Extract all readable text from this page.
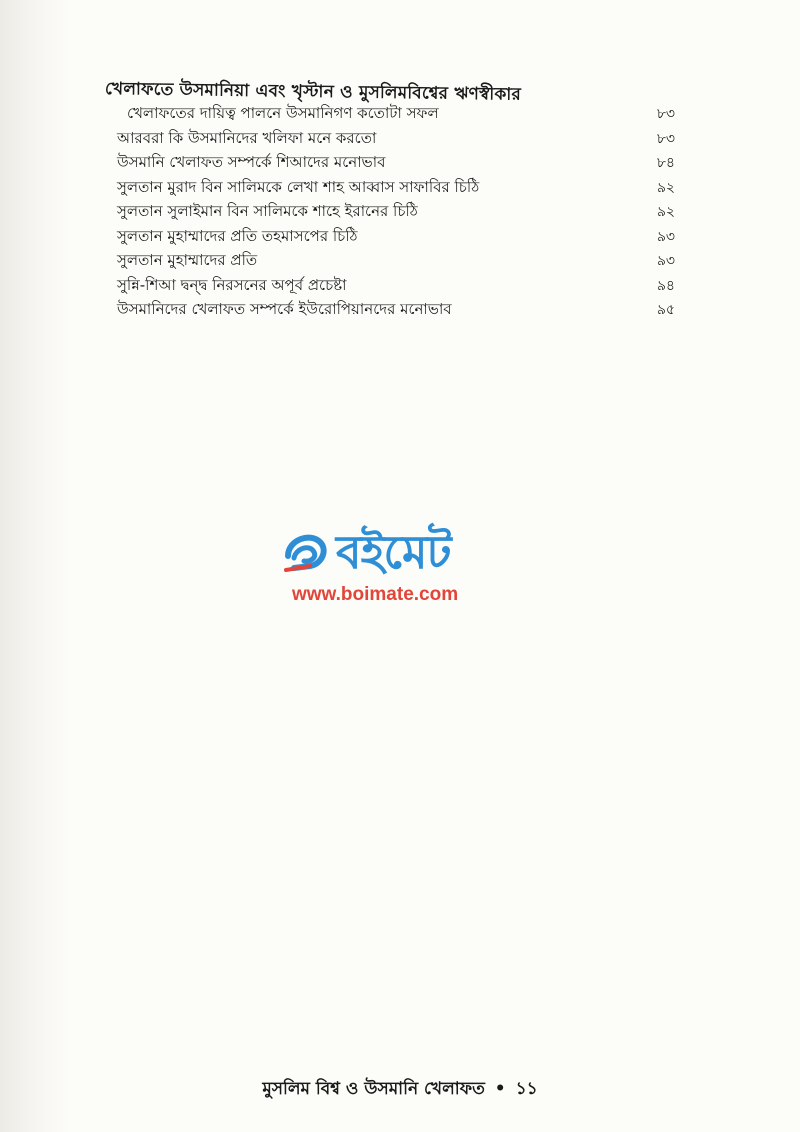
খেলাফতে উসমানিয়া এবং খৃস্টান ও মুসলিমবিশ্বের ঋণস্বীকার
খেলাফতের দায়িত্ব পালনে উসমানিগণ কতোটা সফল	৮৩
আরবরা কি উসমানিদের খলিফা মনে করতো	৮৩
উসমানি খেলাফত সম্পর্কে শিআদের মনোভাব	৮৪
সুলতান মুরাদ বিন সালিমকে লেখা শাহ আব্বাস সাফাবির চিঠি	৯২
সুলতান সুলাইমান বিন সালিমকে শাহে ইরানের চিঠি	৯২
সুলতান মুহাম্মাদের প্রতি তহমাসপের চিঠি	৯৩
সুলতান মুহাম্মাদের প্রতি	৯৩
সুন্নি-শিআ দ্বন্দ্ব নিরসনের অপূর্ব প্রচেষ্টা	৯৪
উসমানিদের খেলাফত সম্পর্কে ইউরোপিয়ানদের মনোভাব	৯৫
বইমেট
www.boimate.com
মুসলিম বিশ্ব ও উসমানি খেলাফত • ১১
